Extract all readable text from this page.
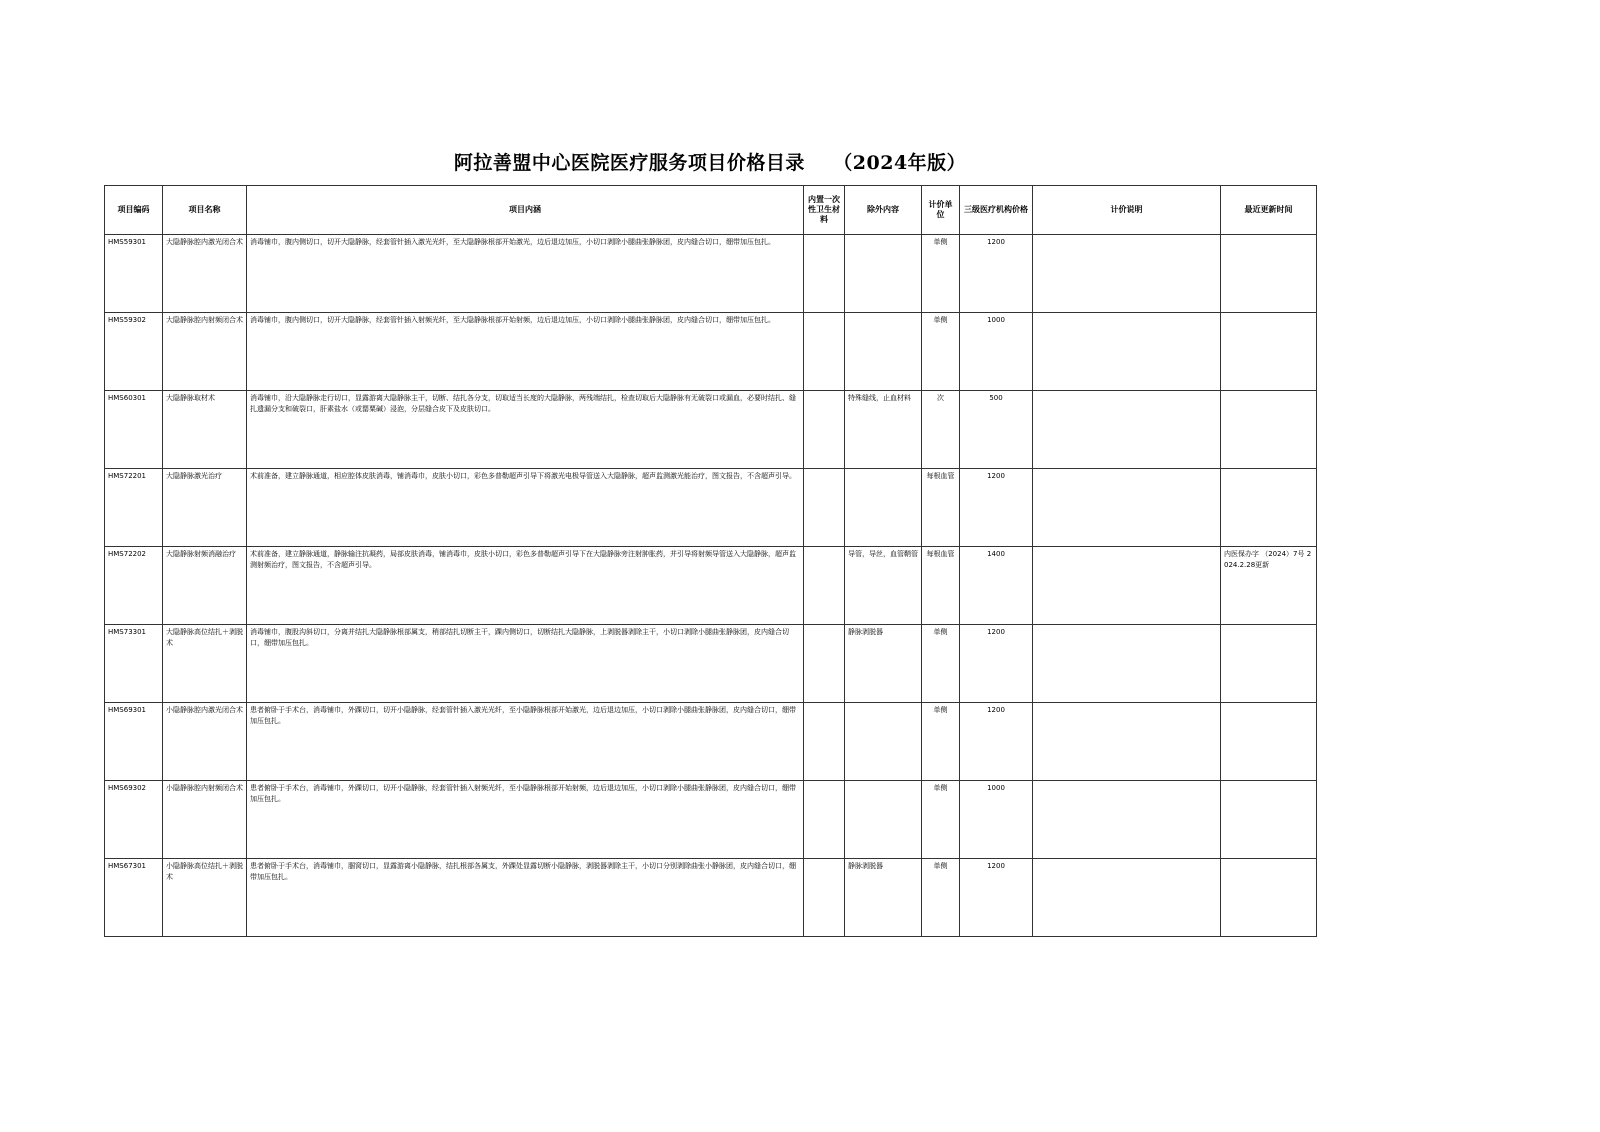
阿拉善盟中心医院医疗服务项目价格目录    （2024年版）
项目编码	项目名称	项目内涵	内置一次性卫生材料	除外内容	计价单位	三级医疗机构价格	计价说明	最近更新时间
HMS59301	大隐静脉腔内激光闭合术	消毒铺巾，腹内侧切口，切开大隐静脉，经套管针插入激光光纤，至大隐静脉根部开始激光，边后退边加压，小切口剥除小腿曲张静脉团，皮内缝合切口，绷带加压包扎。			单侧	1200		
HMS59302	大隐静脉腔内射频闭合术	消毒铺巾，腹内侧切口，切开大隐静脉，经套管针插入射频光纤，至大隐静脉根部开始射频，边后退边加压，小切口剥除小腿曲张静脉团，皮内缝合切口，绷带加压包扎。			单侧	1000		
HMS60301	大隐静脉取材术	消毒铺巾，沿大隐静脉走行切口，显露游离大隐静脉主干，切断、结扎各分支，切取适当长度的大隐静脉，两残端结扎，检查切取后大隐静脉有无破裂口或漏血，必要时结扎、缝扎遗漏分支和破裂口，肝素盐水（或罂粟碱）浸泡，分层缝合皮下及皮肤切口。		特殊缝线，止血材料	次	500		
HMS72201	大隐静脉激光治疗	术前准备，建立静脉通道，相应腔体皮肤消毒，铺消毒巾，皮肤小切口，彩色多普勒超声引导下将激光电极导管送入大隐静脉，超声监测激光能治疗，图文报告，不含超声引导。			每根血管	1200		
HMS72202	大隐静脉射频消融治疗	术前准备，建立静脉通道，静脉输注抗凝药，局部皮肤消毒，铺消毒巾，皮肤小切口，彩色多普勒超声引导下在大隐静脉旁注射肿胀药，并引导将射频导管送入大隐静脉，超声监测射频治疗，图文报告，不含超声引导。		导管，导丝，血管鞘管	每根血管	1400		内医保办字 （2024）7号 2024.2.28更新
HMS73301	大隐静脉高位结扎＋剥脱术	消毒铺巾，腹股沟斜切口，分离并结扎大隐静脉根部属支，稍部结扎切断主干，踝内侧切口，切断结扎大隐静脉，上剥脱器剥除主干，小切口剥除小腿曲张静脉团，皮内缝合切口，绷带加压包扎。		静脉剥脱器	单侧	1200		
HMS69301	小隐静脉腔内激光闭合术	患者俯卧于手术台，消毒铺巾，外踝切口，切开小隐静脉，经套管针插入激光光纤，至小隐静脉根部开始激光，边后退边加压，小切口剥除小腿曲张静脉团，皮内缝合切口，绷带加压包扎。			单侧	1200		
HMS69302	小隐静脉腔内射频闭合术	患者俯卧于手术台，消毒铺巾，外踝切口，切开小隐静脉，经套管针插入射频光纤，至小隐静脉根部开始射频，边后退边加压，小切口剥除小腿曲张静脉团，皮内缝合切口，绷带加压包扎。			单侧	1000		
HMS67301	小隐静脉高位结扎＋剥脱术	患者俯卧于手术台，消毒铺巾，腘窝切口，显露游离小隐静脉，结扎根部各属支，外踝处显露切断小隐静脉，剥脱器剥除主干，小切口分别剥除曲张小静脉团，皮内缝合切口，绷带加压包扎。		静脉剥脱器	单侧	1200		
